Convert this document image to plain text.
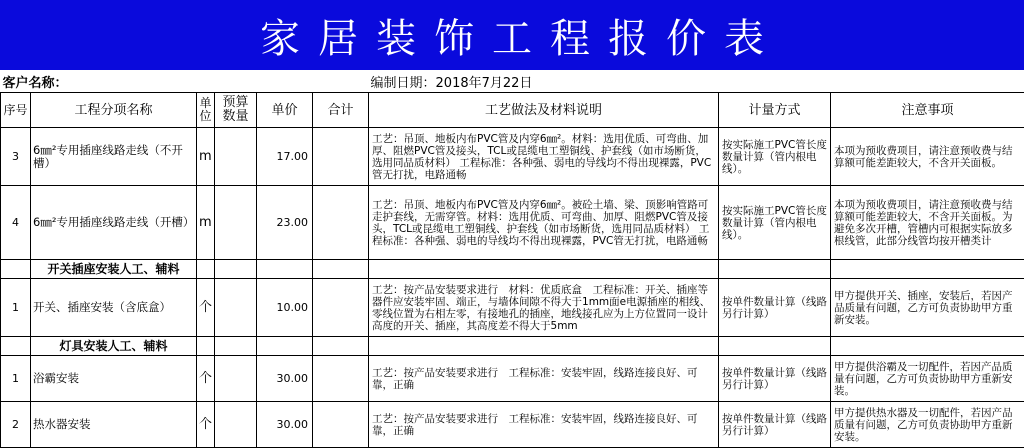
家居装饰工程报价表
客户名称：						编制日期：2018年7月22日		
序号	工程分项名称	单位	预算数量	单价	合计	工艺做法及材料说明	计量方式	注意事项
3	6㎜²专用插座线路走线（不开槽）	m		17.00		工艺：吊顶、地板内布PVC管及内穿6㎜²。材料：选用优质、可弯曲、加厚、阻燃PVC管及接头，TCL或昆缆电工塑铜线、护套线（如市场断货，选用同品质材料） 工程标准：各种强、弱电的导线均不得出现裸露，PVC管无打扰，电路通畅	按实际施工PVC管长度数量计算（管内根电线）。	本项为预收费项目，请注意预收费与结算额可能差距较大，不含开关面板。
4	6㎜²专用插座线路走线（开槽）	m		23.00		工艺：吊顶、地板内布PVC管及内穿6㎜²。被砼土墙、梁、顶影响管路可走护套线，无需穿管。材料：选用优质、可弯曲、加厚、阻燃PVC管及接头，TCL或昆缆电工塑铜线、护套线（如市场断货，选用同品质材料） 工程标准：各种强、弱电的导线均不得出现裸露，PVC管无打扰，电路通畅	按实际施工PVC管长度数量计算（管内根电线）。	本项为预收费项目，请注意预收费与结算额可能差距较大，不含开关面板。为避免多次开槽，管槽内可根据实际放多根线管，此部分线管均按开槽类计
	开关插座安装人工、辅料							
1	开关、插座安装（含底盒）	个		10.00		工艺：按产品安装要求进行　材料：优质底盒　工程标准：开关、插座等器件应安装牢固、端正，与墙体间隙不得大于1mm面e电源插座的相线、零线位置为右相左零，有接地孔的插座，地线接孔应为上方位置同一设计高度的开关、插座，其高度差不得大于5mm	按单件数量计算（线路另行计算）	甲方提供开关、插座，安装后，若因产品质量有问题，乙方可负责协助甲方重新安装。
	灯具安装人工、辅料							
1	浴霸安装	个		30.00		工艺：按产品安装要求进行　工程标准：安装牢固，线路连接良好、可靠，正确	按单件数量计算（线路另行计算）	甲方提供浴霸及一切配件，若因产品质量有问题，乙方可负责协助甲方重新安装。
2	热水器安装	个		30.00		工艺：按产品安装要求进行　工程标准：安装牢固，线路连接良好、可靠，正确	按单件数量计算（线路另行计算）	甲方提供热水器及一切配件，若因产品质量有问题，乙方可负责协助甲方重新安装。
